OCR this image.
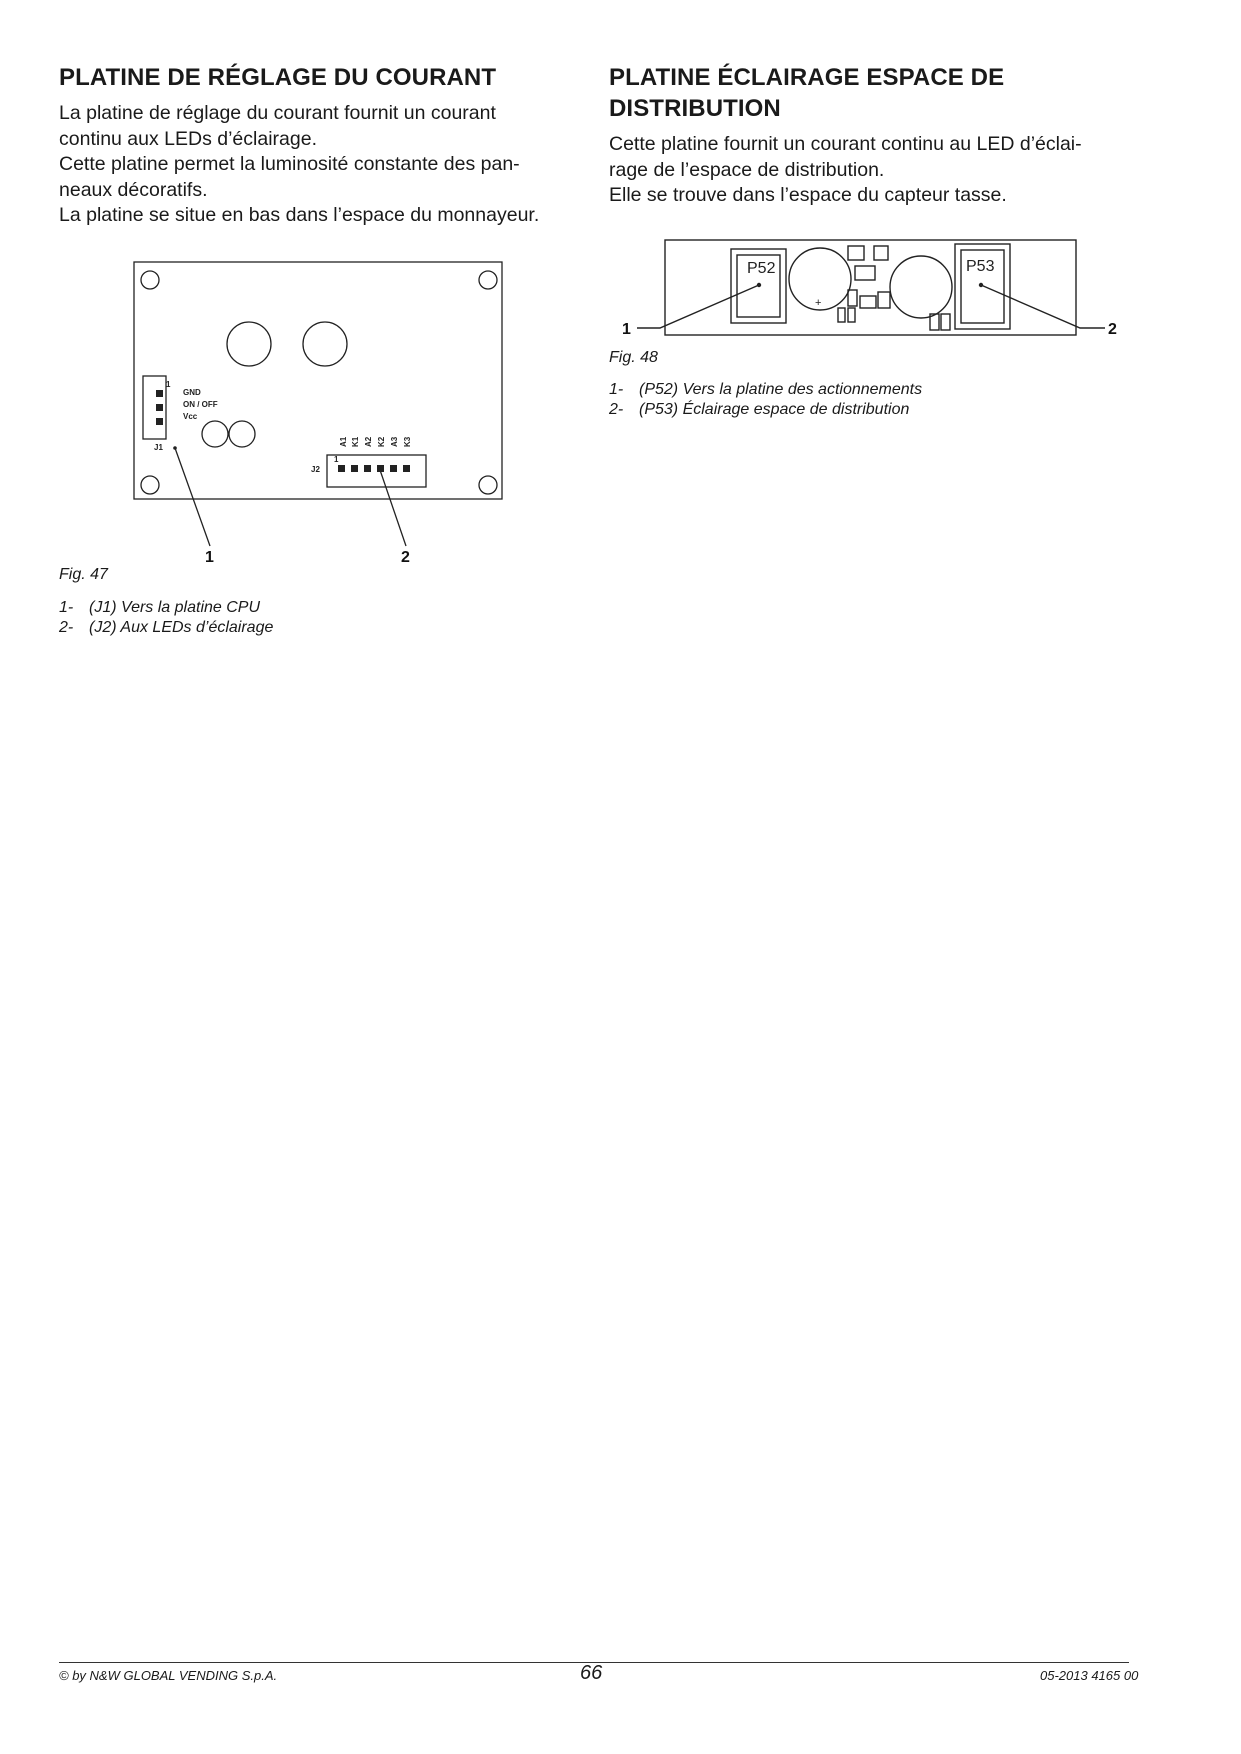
PLATINE DE RÉGLAGE DU COURANT
La platine de réglage du courant fournit un courant
continu aux LEDs d’éclairage.
Cette platine permet la luminosité constante des pan-
neaux décoratifs.
La platine se situe en bas dans l’espace du monnayeur.
1
GND
ON / OFF
Vcc
J1
J2
1
A1 K1 A2 K2 A3 K3
1	2
Fig. 47
1- (J1) Vers la platine CPU
2- (J2) Aux LEDs d’éclairage
PLATINE ÉCLAIRAGE ESPACE DE
DISTRIBUTION
Cette platine fournit un courant continu au LED d’éclai-
rage de l’espace de distribution.
Elle se trouve dans l’espace du capteur tasse.
P52	P53
+
1	2
Fig. 48
1- (P52) Vers la platine des actionnements
2- (P53) Éclairage espace de distribution
© by N&W GLOBAL VENDING S.p.A.	66	05-2013 4165 00
